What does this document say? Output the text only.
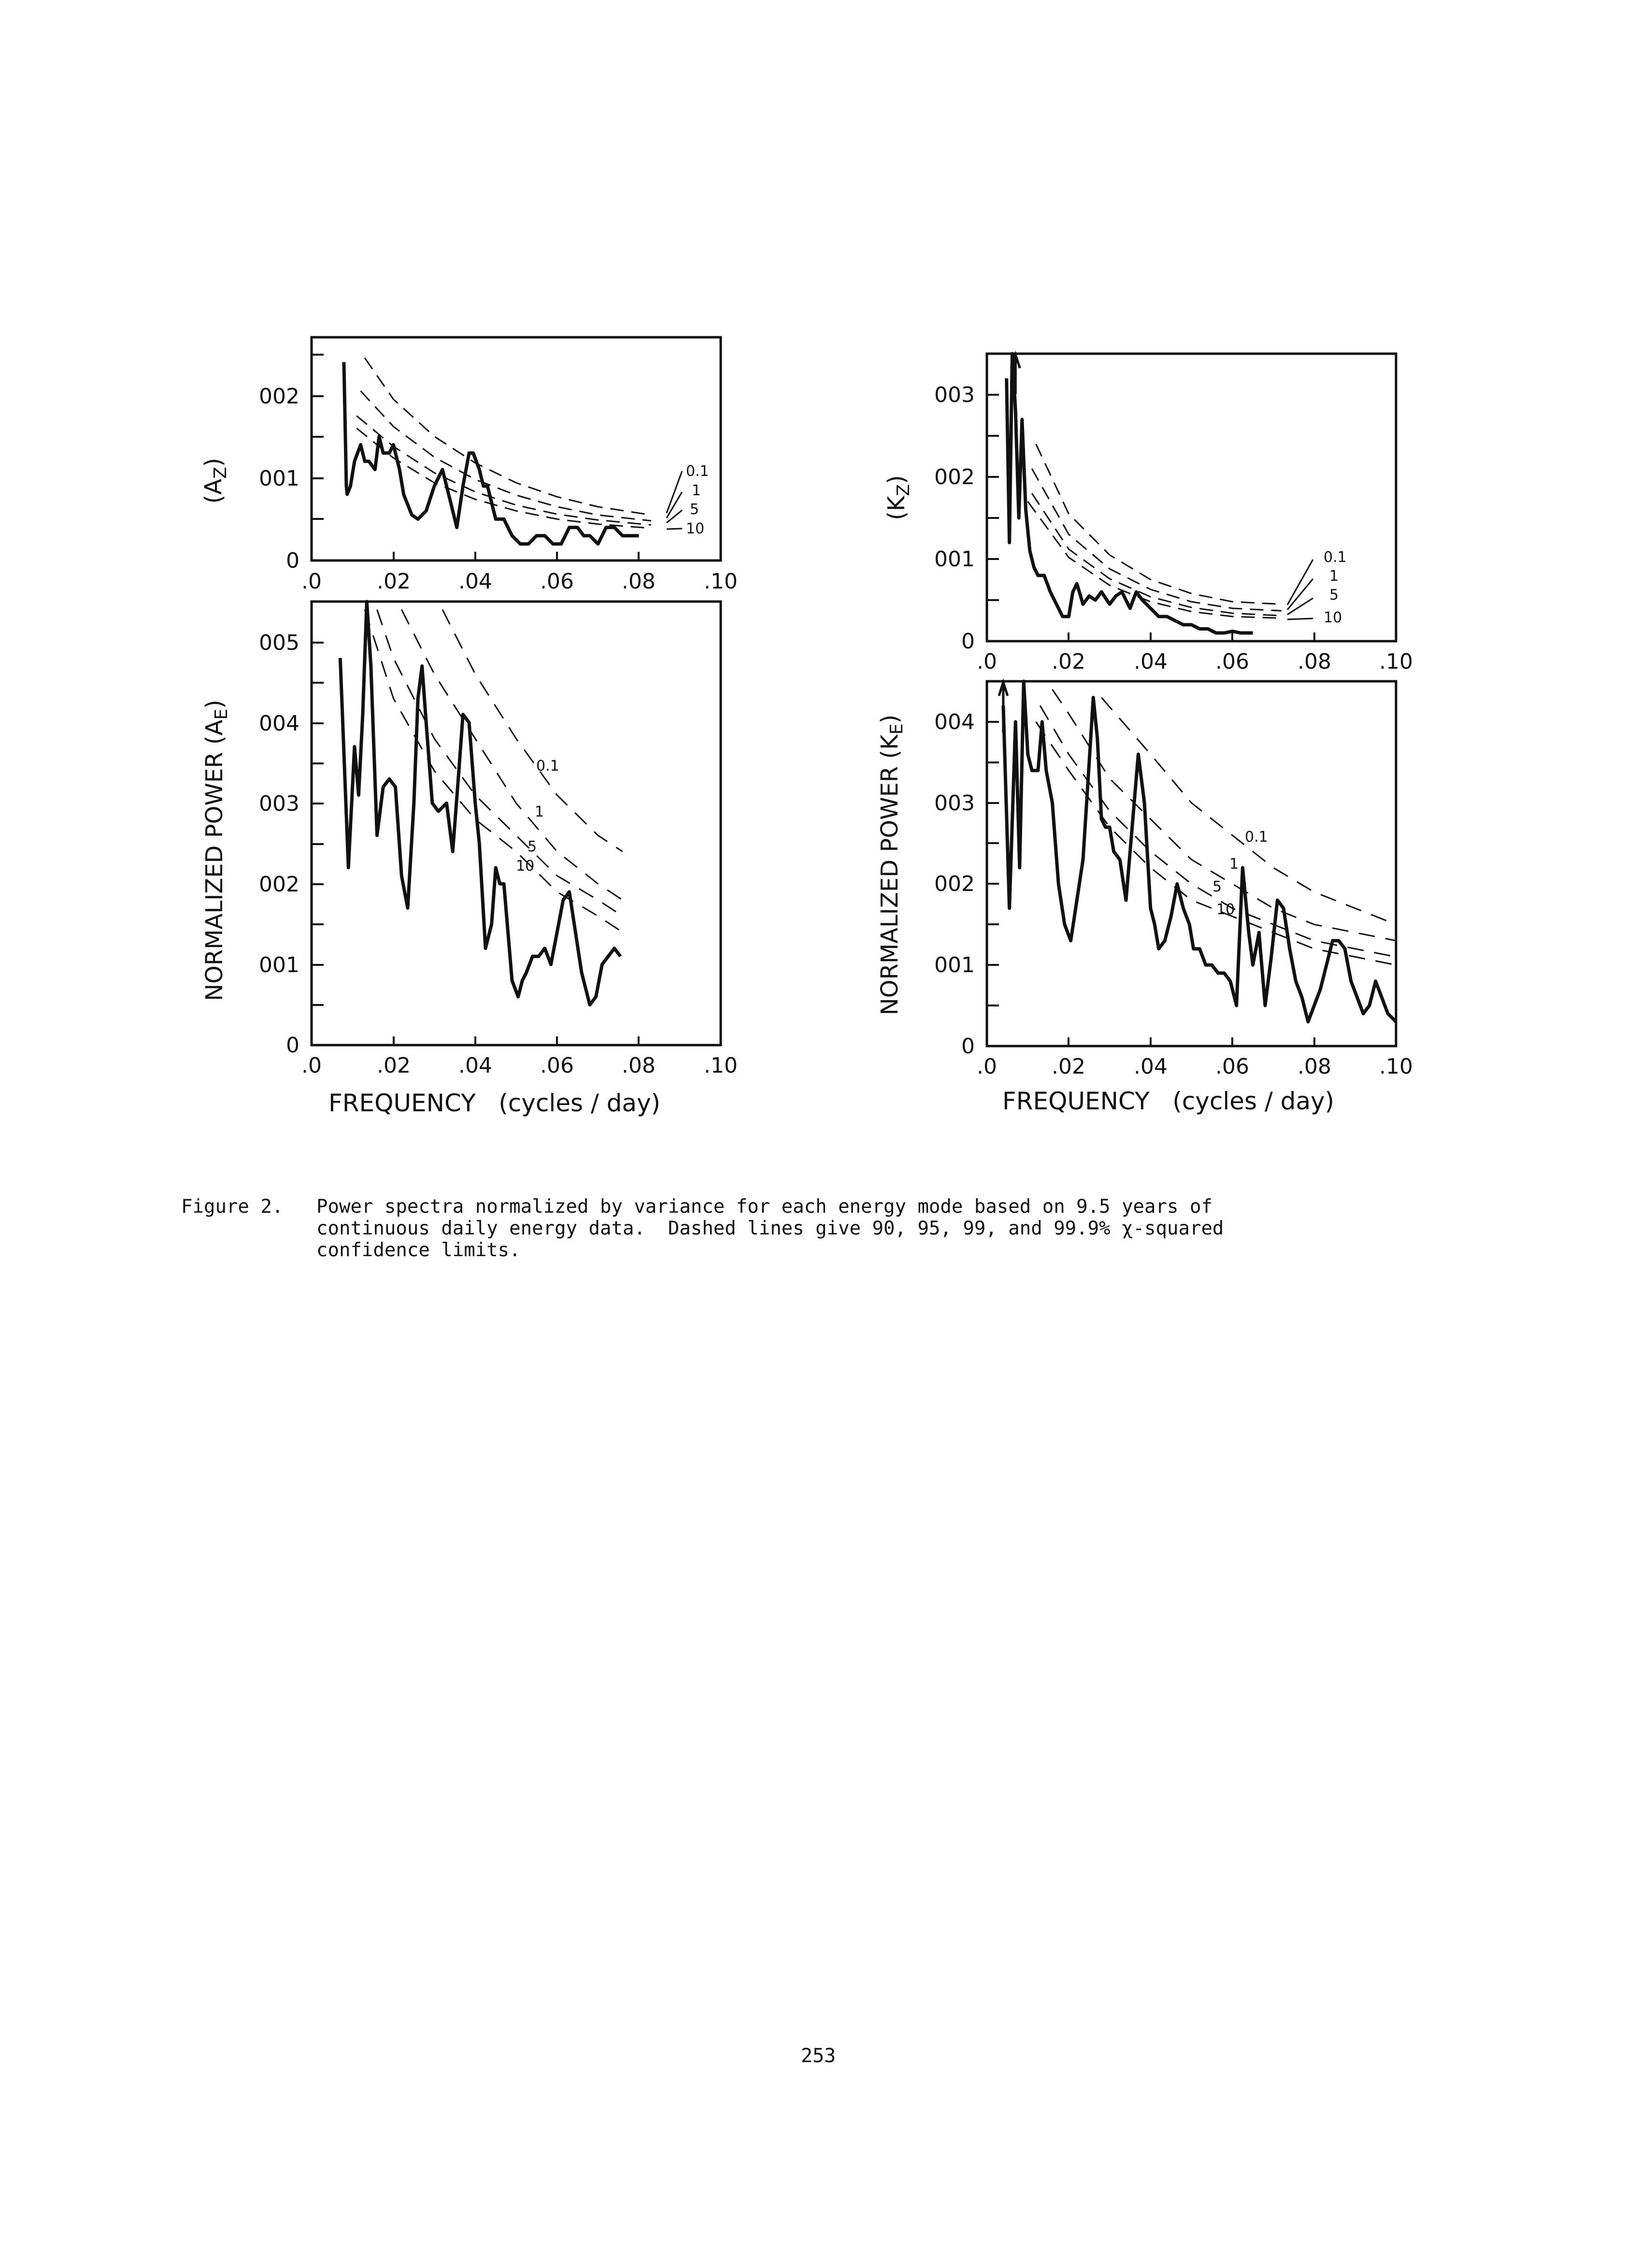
0
001
002
.0	.02 .04 .06 .08 .10
$(A_Z)$
0.1
1
5
10
0
001
002
003
004
005
.0	.02 .04 .06 .08 .10
NORMALIZED POWER $(A_E)$
0.1
1
5
10
0
001
002
003
.0	.02 .04 .06 .08 .10
$(K_Z)$
0.1
1
5
10
0
001
002
003
004
.0	.02 .04 .06 .08 .10
NORMALIZED POWER $(K_E)$
0.1
1
5
10
FREQUENCY   (cycles / day)	FREQUENCY   (cycles / day)
Figure 2. Power spectra normalized by variance for each energy mode based on 9.5 years of
continuous daily energy data.  Dashed lines give 90, 95, 99, and 99.9% χ-squared
confidence limits.
253
